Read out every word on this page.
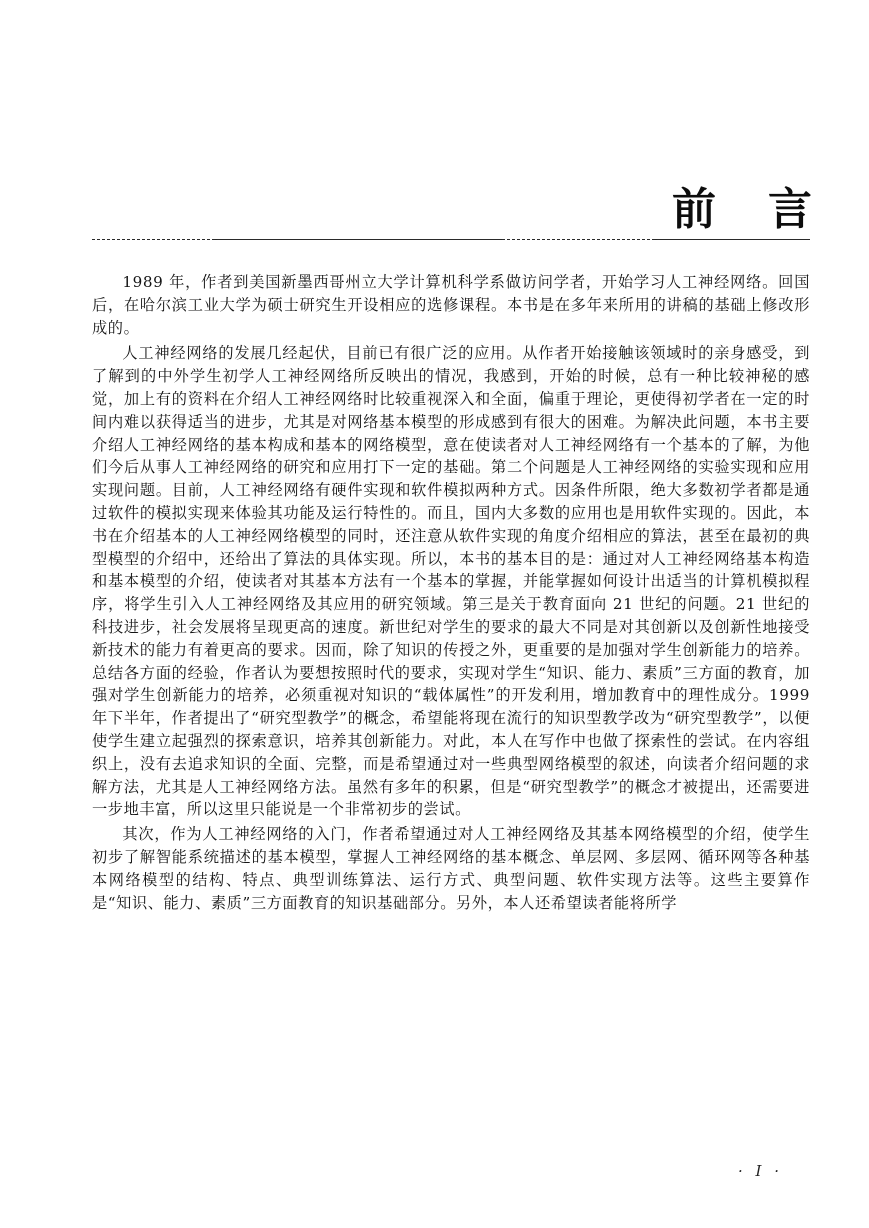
前 言

1989 年，作者到美国新墨西哥州立大学计算机科学系做访问学者，开始学习人工神经网络。回国后，在哈尔滨工业大学为硕士研究生开设相应的选修课程。本书是在多年来所用的讲稿的基础上修改形成的。

人工神经网络的发展几经起伏，目前已有很广泛的应用。从作者开始接触该领域时的亲身感受，到了解到的中外学生初学人工神经网络所反映出的情况，我感到，开始的时候，总有一种比较神秘的感觉，加上有的资料在介绍人工神经网络时比较重视深入和全面，偏重于理论，更使得初学者在一定的时间内难以获得适当的进步，尤其是对网络基本模型的形成感到有很大的困难。为解决此问题，本书主要介绍人工神经网络的基本构成和基本的网络模型，意在使读者对人工神经网络有一个基本的了解，为他们今后从事人工神经网络的研究和应用打下一定的基础。第二个问题是人工神经网络的实验实现和应用实现问题。目前，人工神经网络有硬件实现和软件模拟两种方式。因条件所限，绝大多数初学者都是通过软件的模拟实现来体验其功能及运行特性的。而且，国内大多数的应用也是用软件实现的。因此，本书在介绍基本的人工神经网络模型的同时，还注意从软件实现的角度介绍相应的算法，甚至在最初的典型模型的介绍中，还给出了算法的具体实现。所以，本书的基本目的是：通过对人工神经网络基本构造和基本模型的介绍，使读者对其基本方法有一个基本的掌握，并能掌握如何设计出适当的计算机模拟程序，将学生引入人工神经网络及其应用的研究领域。第三是关于教育面向 21 世纪的问题。21 世纪的科技进步，社会发展将呈现更高的速度。新世纪对学生的要求的最大不同是对其创新以及创新性地接受新技术的能力有着更高的要求。因而，除了知识的传授之外，更重要的是加强对学生创新能力的培养。总结各方面的经验，作者认为要想按照时代的要求，实现对学生“知识、能力、素质”三方面的教育，加强对学生创新能力的培养，必须重视对知识的“载体属性”的开发利用，增加教育中的理性成分。1999 年下半年，作者提出了“研究型教学”的概念，希望能将现在流行的知识型教学改为“研究型教学”，以便使学生建立起强烈的探索意识，培养其创新能力。对此，本人在写作中也做了探索性的尝试。在内容组织上，没有去追求知识的全面、完整，而是希望通过对一些典型网络模型的叙述，向读者介绍问题的求解方法，尤其是人工神经网络方法。虽然有多年的积累，但是“研究型教学”的概念才被提出，还需要进一步地丰富，所以这里只能说是一个非常初步的尝试。

其次，作为人工神经网络的入门，作者希望通过对人工神经网络及其基本网络模型的介绍，使学生初步了解智能系统描述的基本模型，掌握人工神经网络的基本概念、单层网、多层网、循环网等各种基本网络模型的结构、特点、典型训练算法、运行方式、典型问题、软件实现方法等。这些主要算作是“知识、能力、素质”三方面教育的知识基础部分。另外，本人还希望读者能将所学

· I ·
